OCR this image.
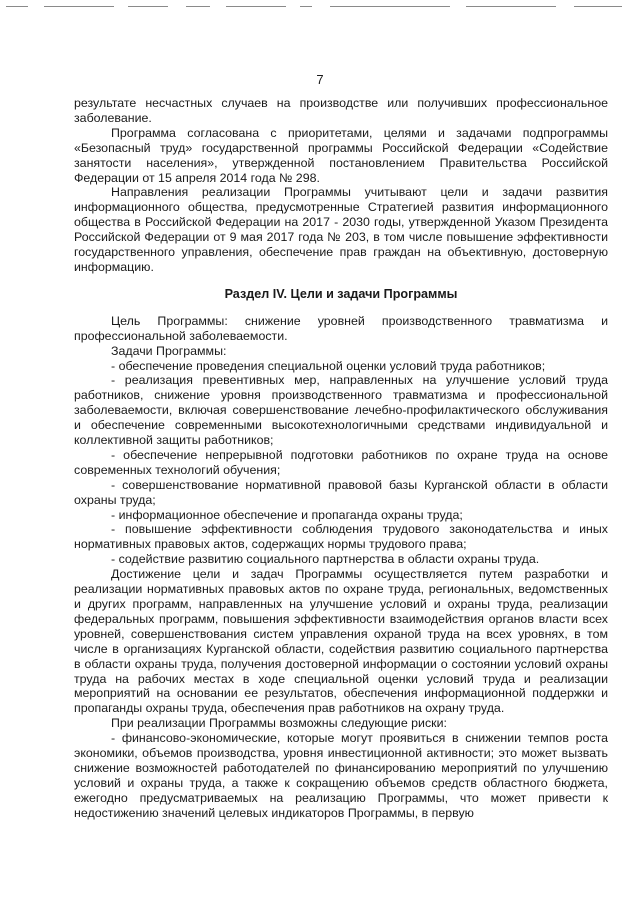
7

результате несчастных случаев на производстве или получивших профессиональное заболевание.

Программа согласована с приоритетами, целями и задачами подпрограммы «Безопасный труд» государственной программы Российской Федерации «Содействие занятости населения», утвержденной постановлением Правительства Российской Федерации от 15 апреля 2014 года № 298.

Направления реализации Программы учитывают цели и задачи развития информационного общества, предусмотренные Стратегией развития информационного общества в Российской Федерации на 2017 - 2030 годы, утвержденной Указом Президента Российской Федерации от 9 мая 2017 года № 203, в том числе повышение эффективности государственного управления, обеспечение прав граждан на объективную, достоверную информацию.

Раздел IV. Цели и задачи Программы

Цель Программы: снижение уровней производственного травматизма и профессиональной заболеваемости.

Задачи Программы:

- обеспечение проведения специальной оценки условий труда работников;

- реализация превентивных мер, направленных на улучшение условий труда работников, снижение уровня производственного травматизма и профессиональной заболеваемости, включая совершенствование лечебно-профилактического обслуживания и обеспечение современными высокотехнологичными средствами индивидуальной и коллективной защиты работников;

- обеспечение непрерывной подготовки работников по охране труда на основе современных технологий обучения;

- совершенствование нормативной правовой базы Курганской области в области охраны труда;

- информационное обеспечение и пропаганда охраны труда;

- повышение эффективности соблюдения трудового законодательства и иных нормативных правовых актов, содержащих нормы трудового права;

- содействие развитию социального партнерства в области охраны труда.

Достижение цели и задач Программы осуществляется путем разработки и реализации нормативных правовых актов по охране труда, региональных, ведомственных и других программ, направленных на улучшение условий и охраны труда, реализации федеральных программ, повышения эффективности взаимодействия органов власти всех уровней, совершенствования систем управления охраной труда на всех уровнях, в том числе в организациях Курганской области, содействия развитию социального партнерства в области охраны труда, получения достоверной информации о состоянии условий охраны труда на рабочих местах в ходе специальной оценки условий труда и реализации мероприятий на основании ее результатов, обеспечения информационной поддержки и пропаганды охраны труда, обеспечения прав работников на охрану труда.

При реализации Программы возможны следующие риски:

- финансово-экономические, которые могут проявиться в снижении темпов роста экономики, объемов производства, уровня инвестиционной активности; это может вызвать снижение возможностей работодателей по финансированию мероприятий по улучшению условий и охраны труда, а также к сокращению объемов средств областного бюджета, ежегодно предусматриваемых на реализацию Программы, что может привести к недостижению значений целевых индикаторов Программы, в первую
